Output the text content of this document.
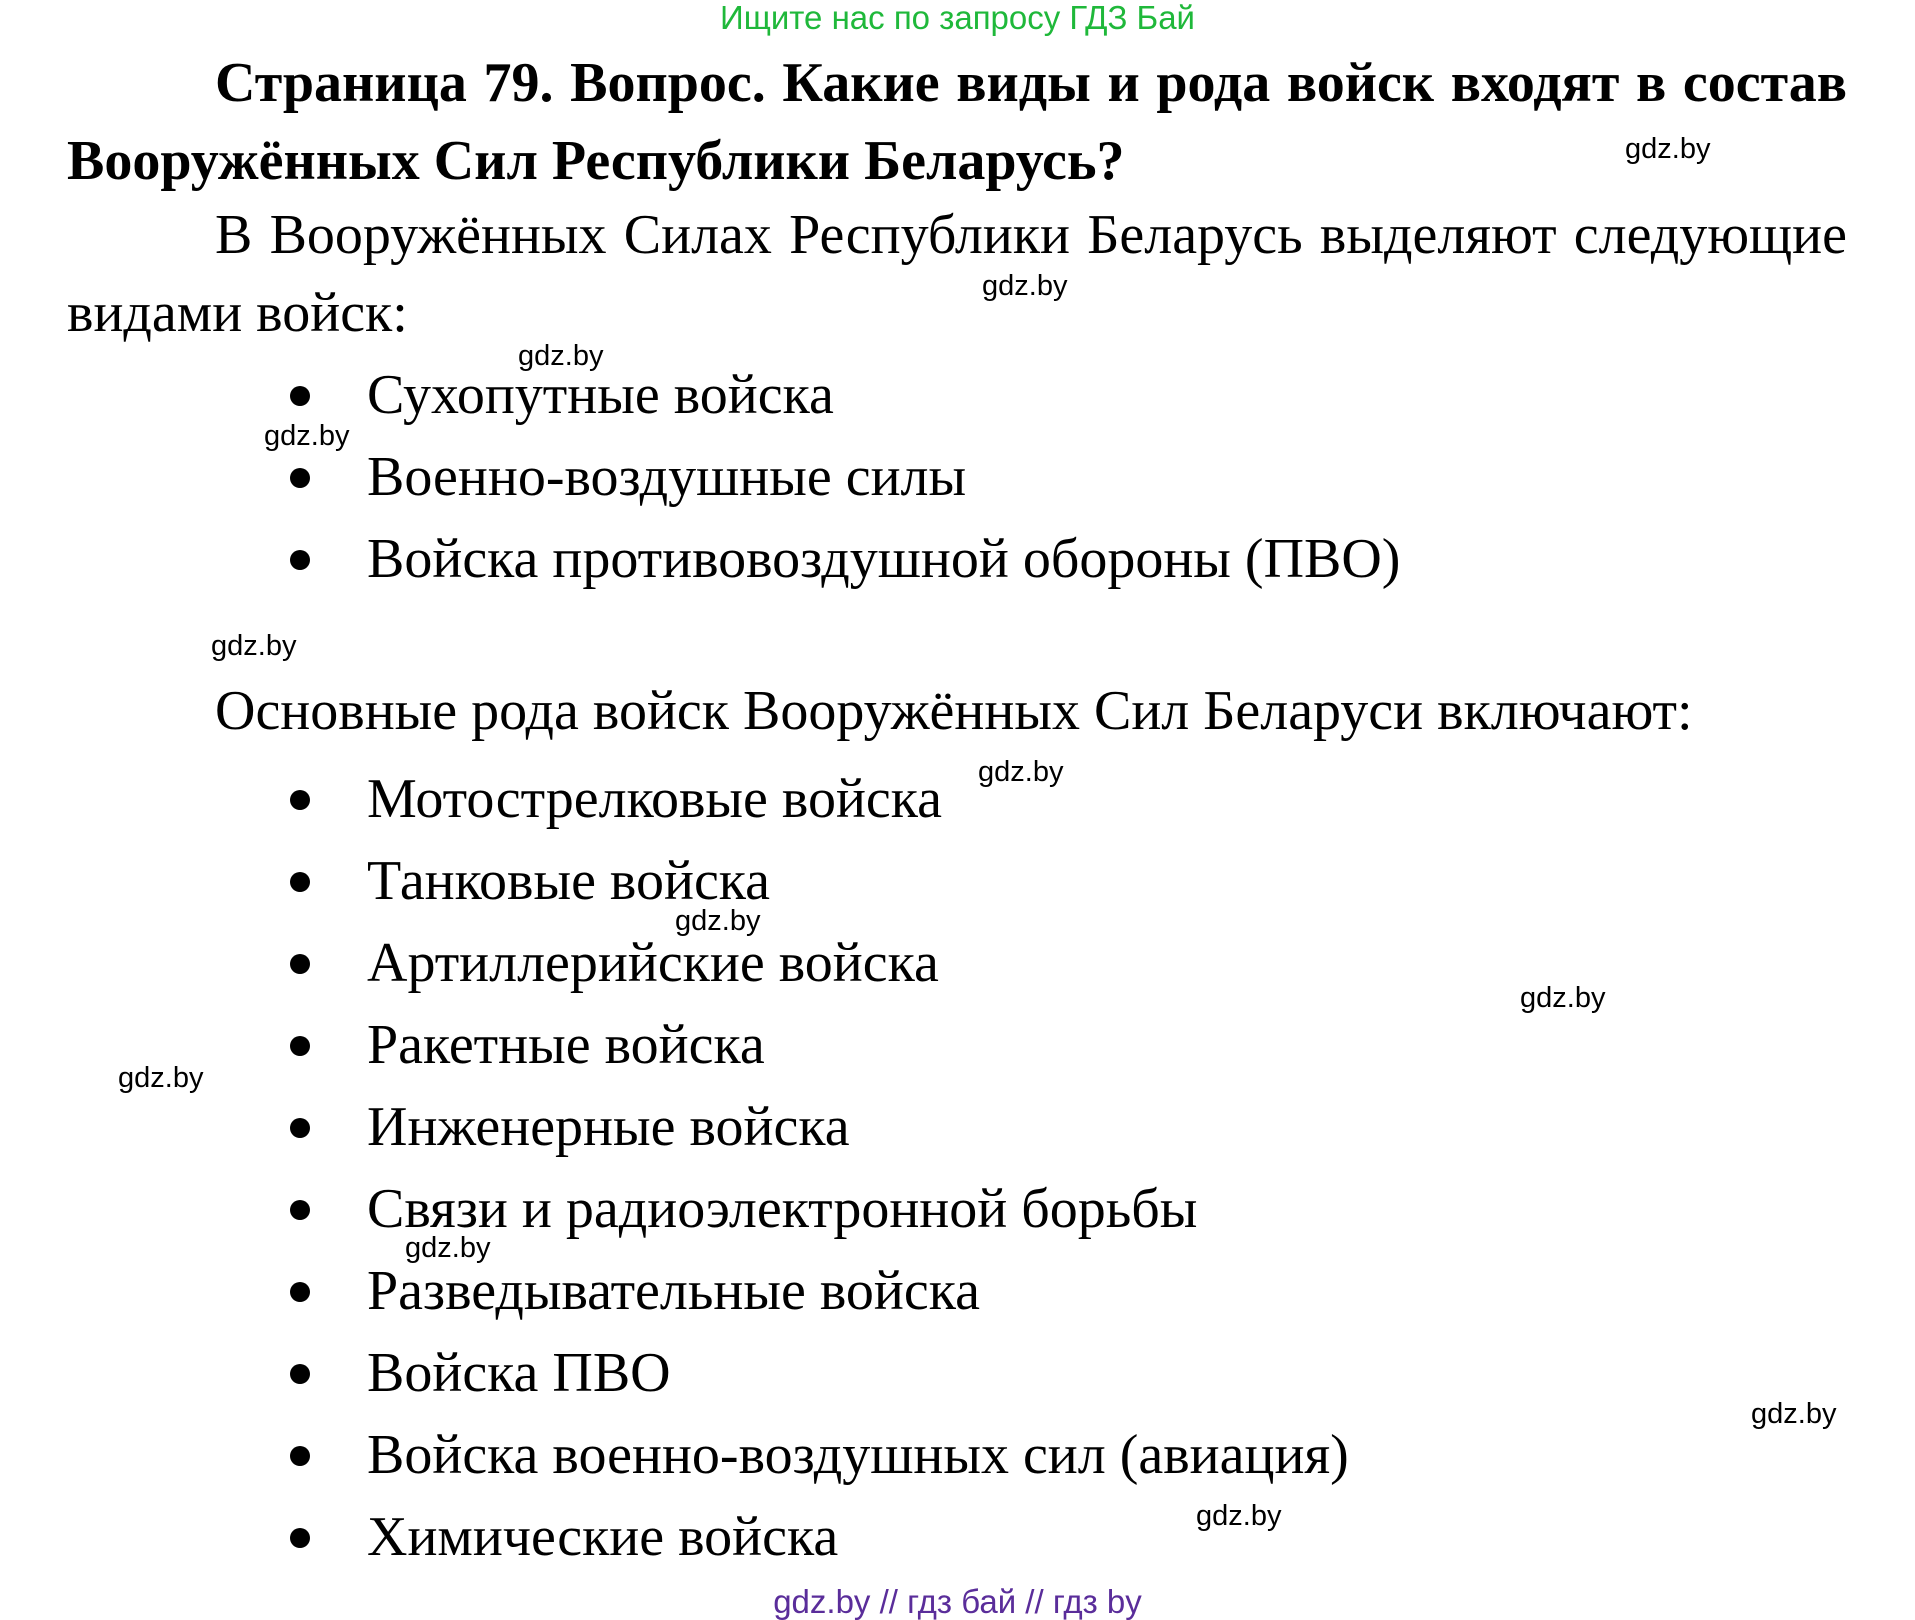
Ищите нас по запросу ГДЗ Бай
Страница 79. Вопрос. Какие виды и рода войск входят в состав Вооружённых Сил Республики Беларусь?
В Вооружённых Силах Республики Беларусь выделяют следующие видами войск:
Сухопутные войска
Военно-воздушные силы
Войска противовоздушной обороны (ПВО)
Основные рода войск Вооружённых Сил Беларуси включают:
Мотострелковые войска
Танковые войска
Артиллерийские войска
Ракетные войска
Инженерные войска
Связи и радиоэлектронной борьбы
Разведывательные войска
Войска ПВО
Войска военно-воздушных сил (авиация)
Химические войска
gdz.by
gdz.by
gdz.by
gdz.by
gdz.by
gdz.by
gdz.by
gdz.by
gdz.by
gdz.by
gdz.by
gdz.by
gdz.by // гдз бай // гдз by
